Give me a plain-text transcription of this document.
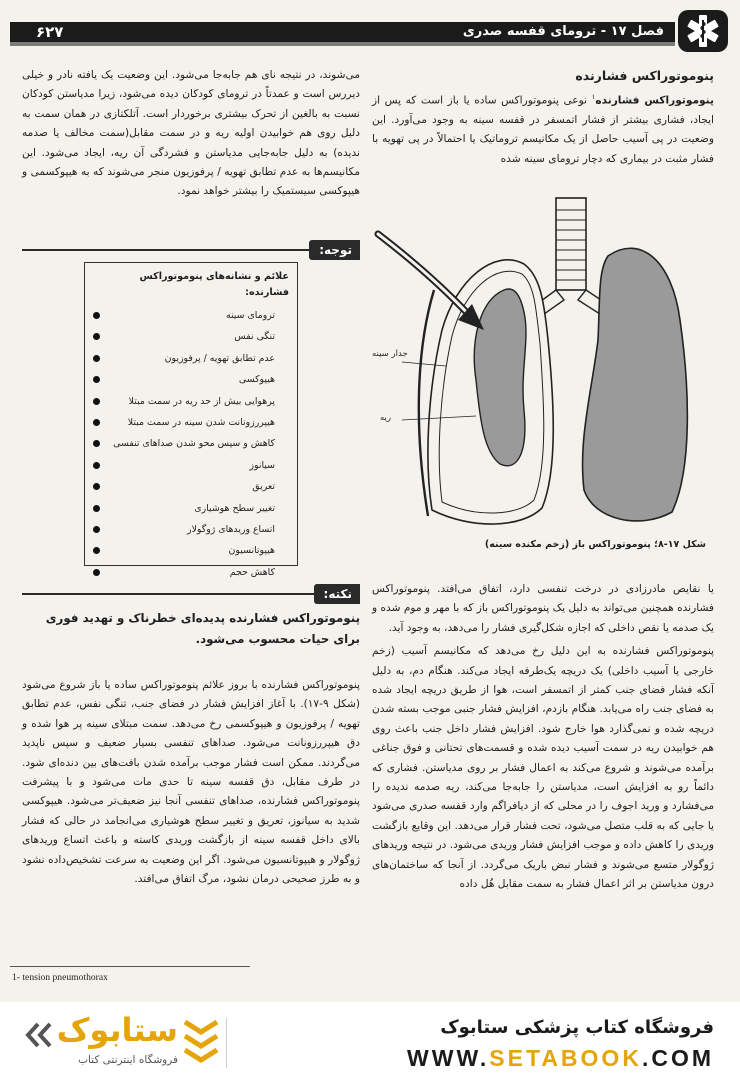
فصل ۱۷ - ترومای قفسه صدری
۶۲۷
پنوموتوراکس فشارنده

پنوموتوراکس فشارنده$^۱$ نوعی پنوموتوراکس ساده یا باز است که پس از ایجاد، فشاری بیشتر از فشار اتمسفر در قفسه سینه به وجود می‌آورد. این وضعیت در پی آسیب حاصل از یک مکانیسم تروماتیک یا احتمالاً در پی تهویه با فشار مثبت در بیماری که دچار ترومای سینه شده

جدار سینه
ریه
شکل ۱۷-۸؛ پنوموتوراکس باز (زخم مکنده سینه)

یا نقایص مادرزادی در درخت تنفسی دارد، اتفاق می‌افتد. پنوموتوراکس فشارنده همچنین می‌تواند به دلیل یک پنوموتوراکس باز که با مهر و موم شده و یک صدمه یا نقص داخلی که اجازه شکل‌گیری فشار را می‌دهد، به وجود آید.

پنوموتوراکس فشارنده به این دلیل رخ می‌دهد که مکانیسم آسیب (زخم خارجی یا آسیب داخلی) یک دریچه یک‌طرفه ایجاد می‌کند. هنگام دم، به دلیل آنکه فشار فضای جنب کمتر از اتمسفر است، هوا از طریق دریچه ایجاد شده به فضای جنب راه می‌یابد. هنگام بازدم، افزایش فشار جنبی موجب بسته شدن دریچه شده و نمی‌گذارد هوا خارج شود. افزایش فشار داخل جنب باعث روی هم خوابیدن ریه در سمت آسیب دیده شده و قسمت‌های تحتانی و فوق جناغی برآمده می‌شوند و شروع می‌کند به اعمال فشار بر روی مدیاستن. فشاری که دائماً رو به افزایش است، مدیاستن را جابه‌جا می‌کند، ریه صدمه ندیده را می‌فشارد و ورید اجوف را در محلی که از دیافراگم وارد قفسه صدری می‌شود یا جایی که به قلب متصل می‌شود، تحت فشار قرار می‌دهد. این وقایع بازگشت وریدی را کاهش داده و موجب افزایش فشار وریدی می‌شود. در نتیجه وریدهای ژوگولار متسع می‌شوند و فشار نبض باریک می‌گردد. از آنجا که ساختمان‌های درون مدیاستن بر اثر اعمال فشار به سمت مقابل هُل داده

می‌شوند، در نتیجه نای هم جابه‌جا می‌شود. این وضعیت یک یافته نادر و خیلی دیررس است و عمدتاً در ترومای کودکان دیده می‌شود، زیرا مدیاستن کودکان نسبت به بالغین از تحرک بیشتری برخوردار است. آتلکتازی در همان سمت به دلیل روی هم خوابیدن اولیه ریه و در سمت مقابل(سمت مخالف یا صدمه ندیده) به دلیل جابه‌جایی مدیاستن و فشردگی آن ریه، ایجاد می‌شود. این مکانیسم‌ها به عدم تطابق تهویه / پرفوزیون منجر می‌شوند که به هیپوکسمی و هیپوکسی سیستمیک را بیشتر خواهد نمود.

توجه:

علائم و نشانه‌های پنوموتوراکس فشارنده:

ترومای سینه
تنگی نفس
عدم تطابق تهویه / پرفوزیون
هیپوکسی
پرهوایی بیش از حد ریه در سمت مبتلا
هیپررزونانت شدن سینه در سمت مبتلا
کاهش و سپس محو شدن صداهای تنفسی
سیانوز
تعریق
تغییر سطح هوشیاری
اتساع وریدهای ژوگولار
هیپوتانسیون
کاهش حجم
نکته:

پنوموتوراکس فشارنده پدیده‌ای خطرناک و تهدید فوری برای حیات محسوب می‌شود.

پنوموتوراکس فشارنده با بروز علائم پنوموتوراکس ساده یا باز شروع می‌شود (شکل ۹-۱۷). با آغاز افزایش فشار در فضای جنب، تنگی نفس، عدم تطابق تهویه / پرفوزیون و هیپوکسمی رخ می‌دهد. سمت مبتلای سینه پر هوا شده و دق هیپررزونانت می‌شود. صداهای تنفسی بسیار ضعیف و سپس ناپدید می‌گردند. ممکن است فشار موجب برآمده شدن بافت‌های بین دنده‌ای شود. در طرف مقابل، دق قفسه سینه تا حدی مات می‌شود و با پیشرفت پنوموتوراکس فشارنده، صداهای تنفسی آنجا نیز ضعیف‌تر می‌شود. هیپوکسی شدید به سیانوز، تعریق و تغییر سطح هوشیاری می‌انجامد در حالی که فشار بالای داخل قفسه سینه از بازگشت وریدی کاسته و باعث اتساع وریدهای ژوگولار و هیپوتانسیون می‌شود. اگر این وضعیت به سرعت تشخیص‌داده نشود و به طرز صحیحی درمان نشود، مرگ اتفاق می‌افتد.

1- tension pneumothorax
فروشگاه کتاب پزشکی ستابوک
WWW.SETABOOK.COM
ستابوک
فروشگاه اینترنتی کتاب
